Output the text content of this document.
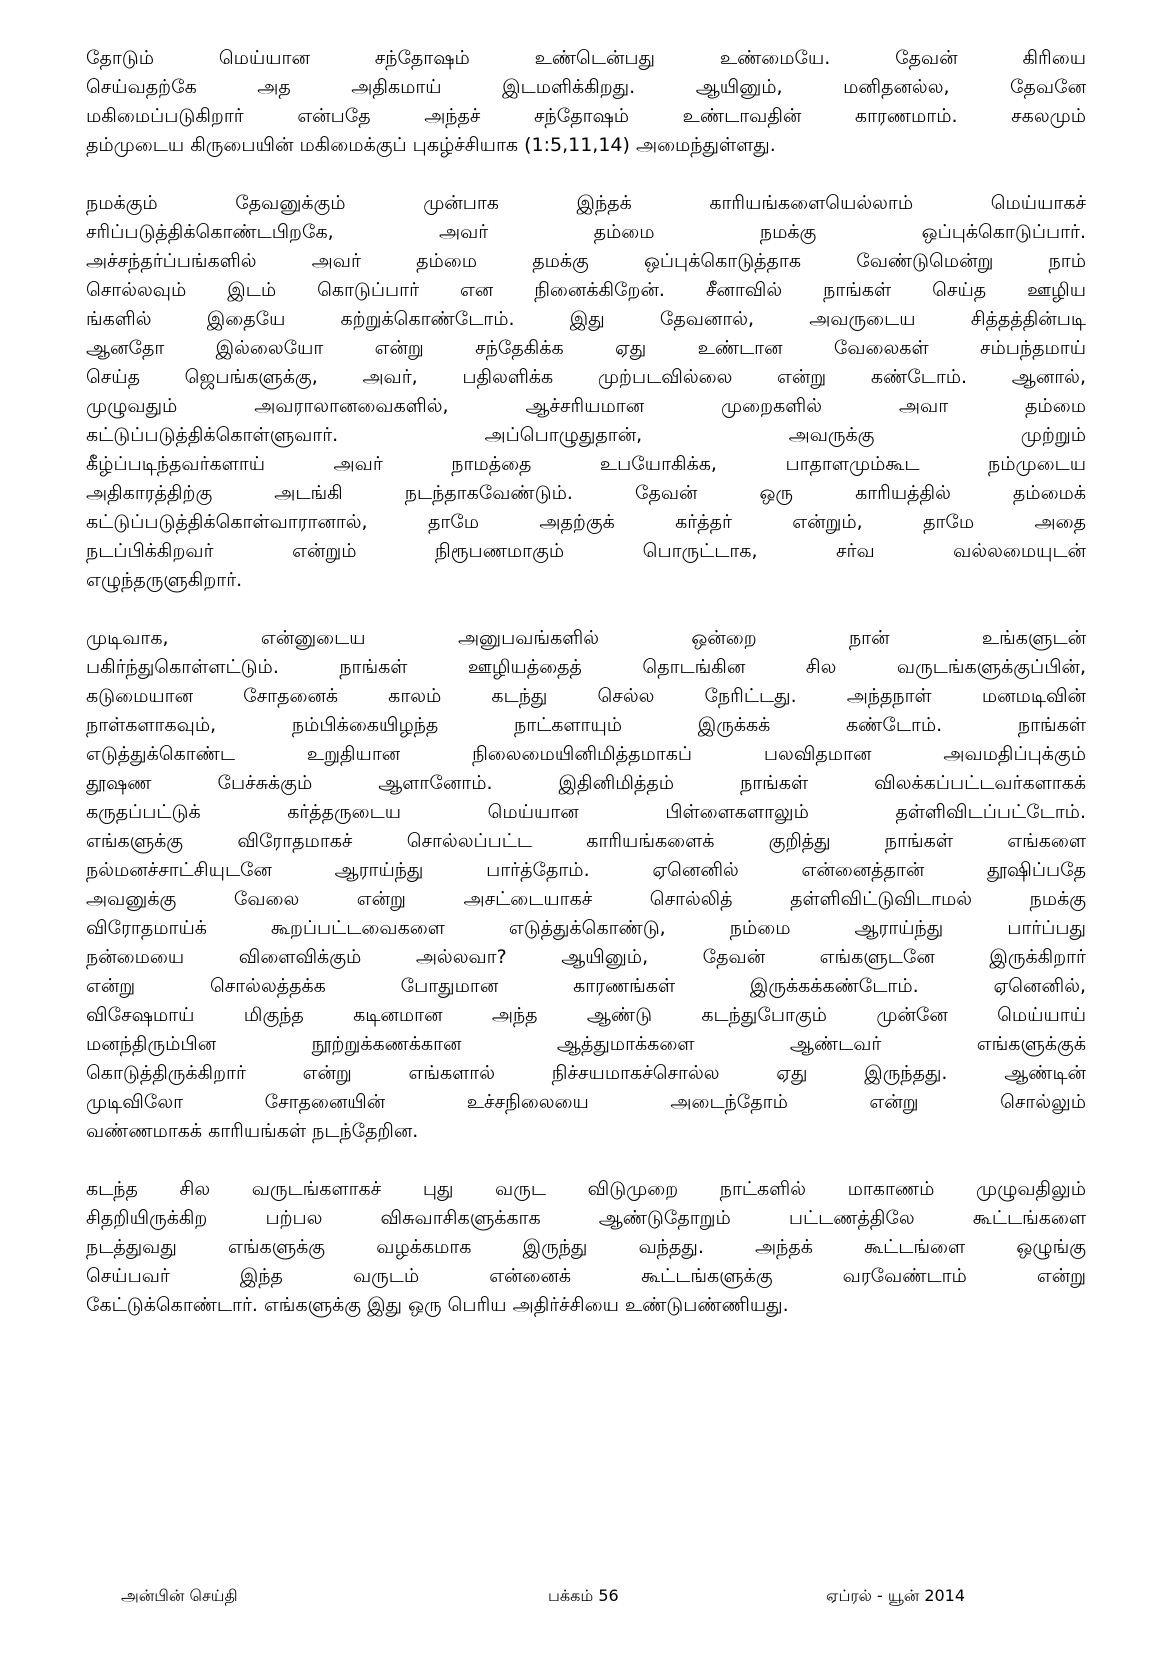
தோடும் மெய்யான சந்தோஷம் உண்டென்பது உண்மையே. தேவன் கிரியை
செய்வதற்கே அத அதிகமாய் இடமளிக்கிறது. ஆயினும், மனிதனல்ல, தேவனே
மகிமைப்படுகிறார் என்பதே அந்தச் சந்தோஷம் உண்டாவதின் காரணமாம். சகலமும்
தம்முடைய கிருபையின் மகிமைக்குப் புகழ்ச்சியாக (1:5,11,14) அமைந்துள்ளது.
நமக்கும் தேவனுக்கும் முன்பாக இந்தக் காரியங்களையெல்லாம் மெய்யாகச்
சரிப்படுத்திக்கொண்டபிறகே, அவர் தம்மை நமக்கு ஒப்புக்கொடுப்பார்.
அச்சந்தர்ப்பங்களில் அவர் தம்மை தமக்கு ஒப்புக்கொடுத்தாக வேண்டுமென்று நாம்
சொல்லவும் இடம் கொடுப்பார் என நினைக்கிறேன். சீனாவில் நாங்கள் செய்த ஊழிய
ங்களில் இதையே கற்றுக்கொண்டோம். இது தேவனால், அவருடைய சித்தத்தின்படி
ஆனதோ இல்லையோ என்று சந்தேகிக்க ஏது உண்டான வேலைகள் சம்பந்தமாய்
செய்த ஜெபங்களுக்கு, அவர், பதிலளிக்க முற்படவில்லை என்று கண்டோம். ஆனால்,
முழுவதும் அவராலானவைகளில், ஆச்சரியமான முறைகளில் அவா தம்மை
கட்டுப்படுத்திக்கொள்ளுவார். அப்பொழுதுதான், அவருக்கு முற்றும்
கீழ்ப்படிந்தவர்களாய் அவர் நாமத்தை உபயோகிக்க, பாதாளமும்கூட நம்முடைய
அதிகாரத்திற்கு அடங்கி நடந்தாகவேண்டும். தேவன் ஒரு காரியத்தில் தம்மைக்
கட்டுப்படுத்திக்கொள்வாரானால், தாமே அதற்குக் கர்த்தர் என்றும், தாமே அதை
நடப்பிக்கிறவர் என்றும் நிரூபணமாகும் பொருட்டாக, சர்வ வல்லமையுடன்
எழுந்தருளுகிறார்.
முடிவாக, என்னுடைய அனுபவங்களில் ஒன்றை நான் உங்களுடன்
பகிர்ந்துகொள்ளட்டும். நாங்கள் ஊழியத்தைத் தொடங்கின சில வருடங்களுக்குப்பின்,
கடுமையான சோதனைக் காலம் கடந்து செல்ல நேரிட்டது. அந்தநாள் மனமடிவின்
நாள்களாகவும், நம்பிக்கையிழந்த நாட்களாயும் இருக்கக் கண்டோம். நாங்கள்
எடுத்துக்கொண்ட உறுதியான நிலைமையினிமித்தமாகப் பலவிதமான அவமதிப்புக்கும்
தூஷண பேச்சுக்கும் ஆளானோம். இதினிமித்தம் நாங்கள் விலக்கப்பட்டவர்களாகக்
கருதப்பட்டுக் கர்த்தருடைய மெய்யான பிள்ளைகளாலும் தள்ளிவிடப்பட்டோம்.
எங்களுக்கு விரோதமாகச் சொல்லப்பட்ட காரியங்களைக் குறித்து நாங்கள் எங்களை
நல்மனச்சாட்சியுடனே ஆராய்ந்து பார்த்தோம். ஏனெனில் என்னைத்தான் தூஷிப்பதே
அவனுக்கு வேலை என்று அசட்டையாகச் சொல்லித் தள்ளிவிட்டுவிடாமல் நமக்கு
விரோதமாய்க் கூறப்பட்டவைகளை எடுத்துக்கொண்டு, நம்மை ஆராய்ந்து பார்ப்பது
நன்மையை விளைவிக்கும் அல்லவா? ஆயினும், தேவன் எங்களுடனே இருக்கிறார்
என்று சொல்லத்தக்க போதுமான காரணங்கள் இருக்கக்கண்டோம். ஏனெனில்,
விசேஷமாய் மிகுந்த கடினமான அந்த ஆண்டு கடந்துபோகும் முன்னே மெய்யாய்
மனந்திரும்பின நூற்றுக்கணக்கான ஆத்துமாக்களை ஆண்டவர் எங்களுக்குக்
கொடுத்திருக்கிறார் என்று எங்களால் நிச்சயமாகச்சொல்ல ஏது இருந்தது. ஆண்டின்
முடிவிலோ சோதனையின் உச்சநிலையை அடைந்தோம் என்று சொல்லும்
வண்ணமாகக் காரியங்கள் நடந்தேறின.
கடந்த சில வருடங்களாகச் புது வருட விடுமுறை நாட்களில் மாகாணம் முழுவதிலும்
சிதறியிருக்கிற பற்பல விசுவாசிகளுக்காக ஆண்டுதோறும் பட்டணத்திலே கூட்டங்களை
நடத்துவது எங்களுக்கு வழக்கமாக இருந்து வந்தது. அந்தக் கூட்டங்ளை ஒழுங்கு
செய்பவர் இந்த வருடம் என்னைக் கூட்டங்களுக்கு வரவேண்டாம் என்று
கேட்டுக்கொண்டார். எங்களுக்கு இது ஒரு பெரிய அதிர்ச்சியை உண்டுபண்ணியது.
அன்பின் செய்தி	பக்கம் 56	ஏப்ரல் - யூன் 2014
